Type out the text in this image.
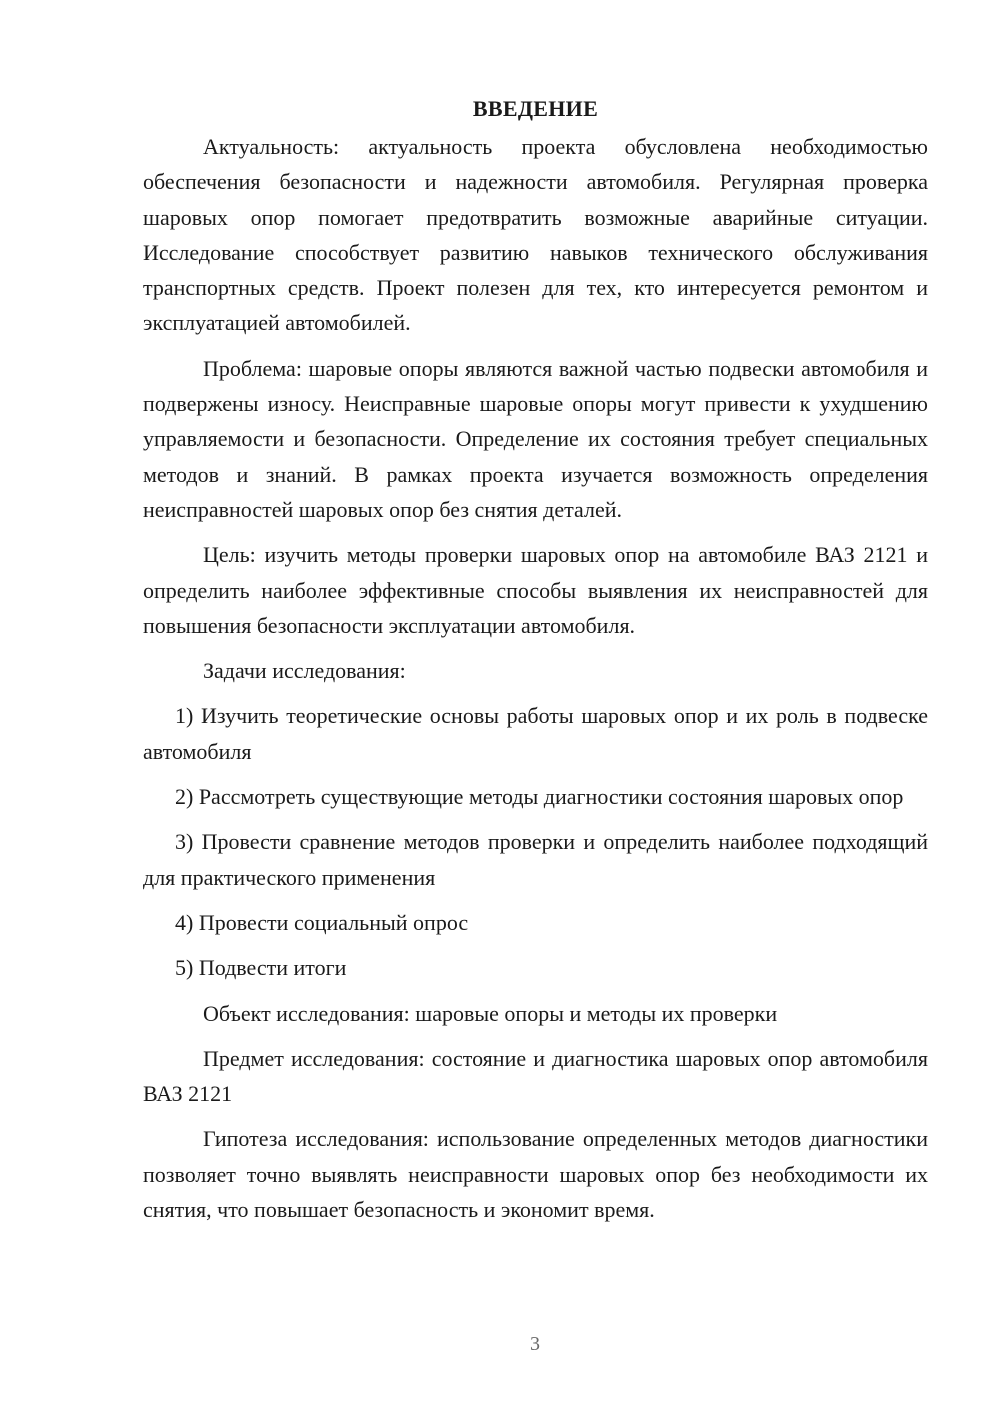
ВВЕДЕНИЕ

Актуальность: актуальность проекта обусловлена необходимостью обеспечения безопасности и надежности автомобиля. Регулярная проверка шаровых опор помогает предотвратить возможные аварийные ситуации. Исследование способствует развитию навыков технического обслуживания транспортных средств. Проект полезен для тех, кто интересуется ремонтом и эксплуатацией автомобилей.

Проблема: шаровые опоры являются важной частью подвески автомобиля и подвержены износу. Неисправные шаровые опоры могут привести к ухудшению управляемости и безопасности. Определение их состояния требует специальных методов и знаний. В рамках проекта изучается возможность определения неисправностей шаровых опор без снятия деталей.

Цель: изучить методы проверки шаровых опор на автомобиле ВАЗ 2121 и определить наиболее эффективные способы выявления их неисправностей для повышения безопасности эксплуатации автомобиля.

Задачи исследования:

1) Изучить теоретические основы работы шаровых опор и их роль в подвеске автомобиля

2) Рассмотреть существующие методы диагностики состояния шаровых опор

3) Провести сравнение методов проверки и определить наиболее подходящий для практического применения

4) Провести социальный опрос

5) Подвести итоги

Объект исследования: шаровые опоры и методы их проверки

Предмет исследования: состояние и диагностика шаровых опор автомобиля ВАЗ 2121

Гипотеза исследования: использование определенных методов диагностики позволяет точно выявлять неисправности шаровых опор без необходимости их снятия, что повышает безопасность и экономит время.

3
